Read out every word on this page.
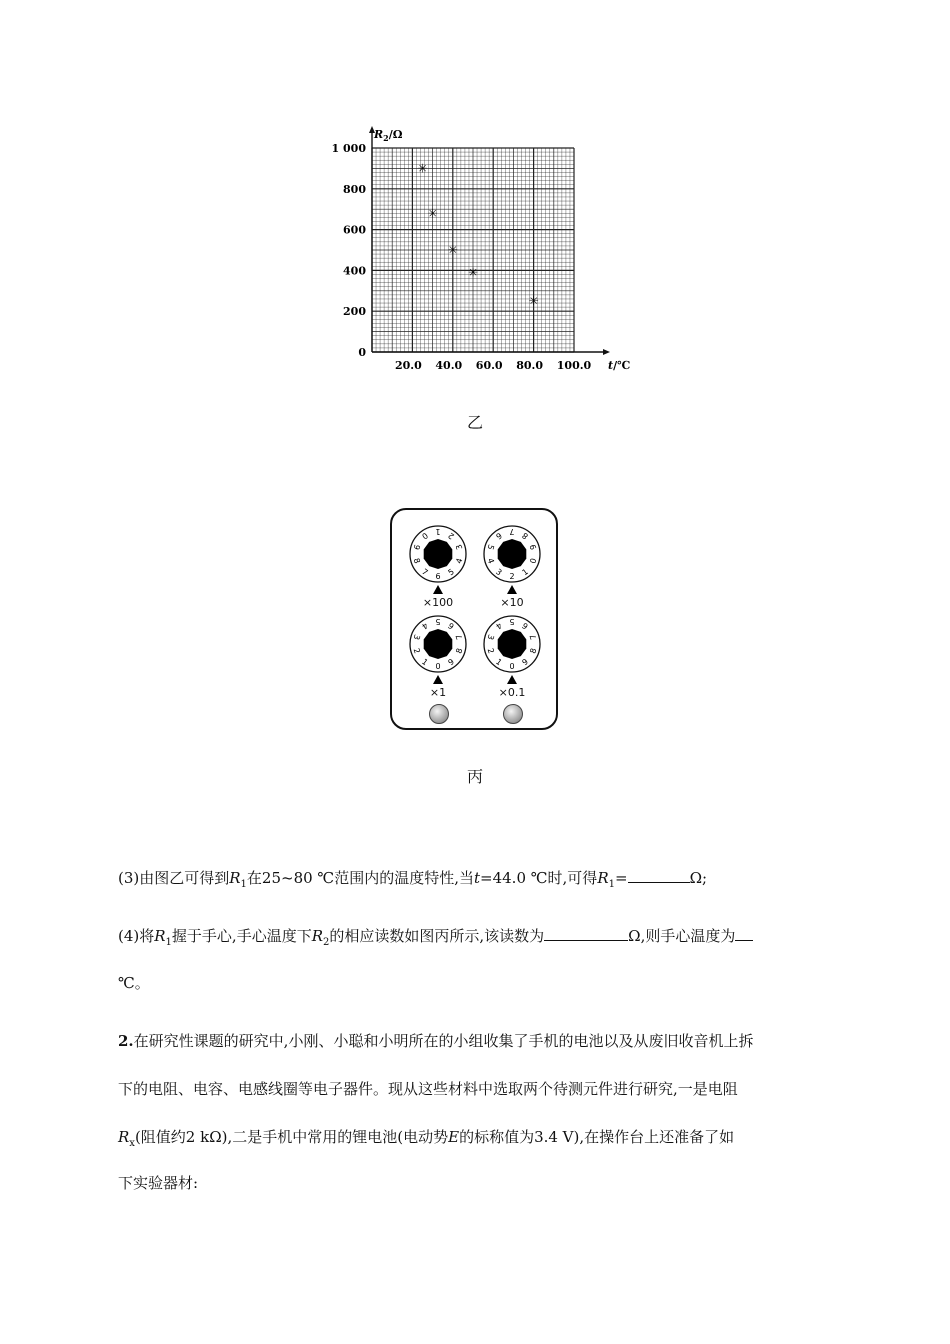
0
200
400
600
800
1 000
20.0 40.0 60.0 80.0 100.0 t/℃
$R_2/\Omega$
✳
✳
✳
✳
✳
乙
0 1 2
3
4
5
6
7
8
9
×100
0
1
2
3
4
5
6 7 8
9
×10
0
1
2
3
4 5 6
7
8
9
×1
0
1
2
3
4 5 6
7
8
9
×0.1
丙
(3)由图乙可得到$R_1$在25~80 ℃范围内的温度特性,当t=44.0 ℃时,可得$R_1=$	Ω;
(4)将$R_1$握于手心,手心温度下$R_2$的相应读数如图丙所示,该读数为	Ω,则手心温度为
℃。
2.在研究性课题的研究中,小刚、小聪和小明所在的小组收集了手机的电池以及从废旧收音机上拆
下的电阻、电容、电感线圈等电子器件。现从这些材料中选取两个待测元件进行研究,一是电阻
$R_x$(阻值约2 kΩ),二是手机中常用的锂电池(电动势E的标称值为3.4 V),在操作台上还准备了如
下实验器材:
